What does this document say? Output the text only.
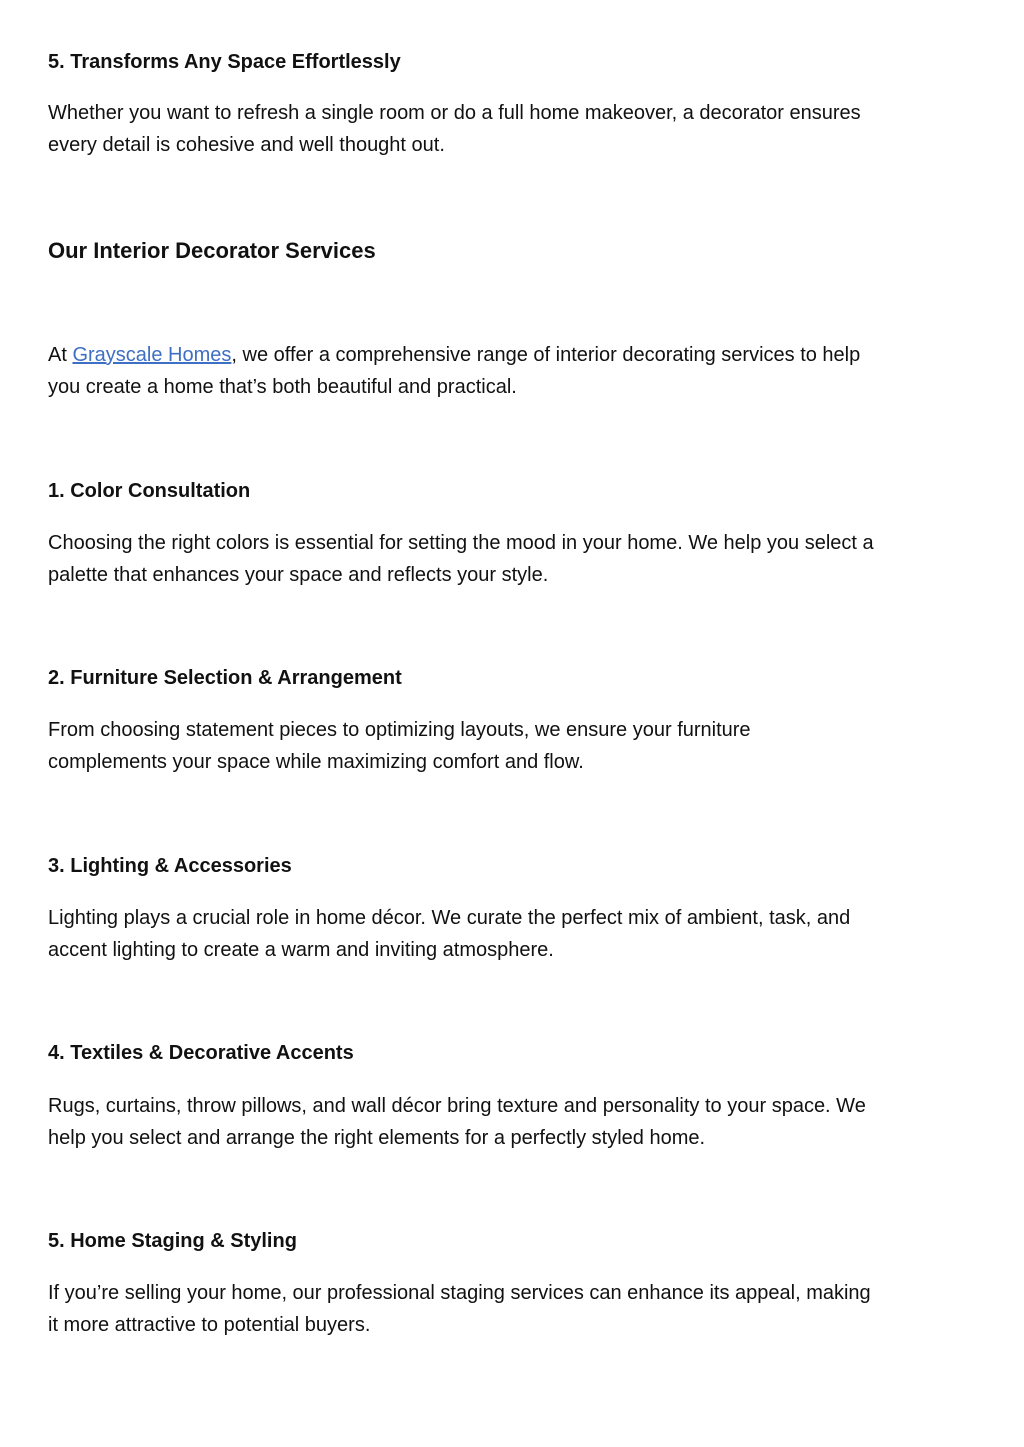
5. Transforms Any Space Effortlessly
Whether you want to refresh a single room or do a full home makeover, a decorator ensures
every detail is cohesive and well thought out.
Our Interior Decorator Services
At Grayscale Homes, we offer a comprehensive range of interior decorating services to help
you create a home that’s both beautiful and practical.
1. Color Consultation
Choosing the right colors is essential for setting the mood in your home. We help you select a
palette that enhances your space and reflects your style.
2. Furniture Selection & Arrangement
From choosing statement pieces to optimizing layouts, we ensure your furniture
complements your space while maximizing comfort and flow.
3. Lighting & Accessories
Lighting plays a crucial role in home décor. We curate the perfect mix of ambient, task, and
accent lighting to create a warm and inviting atmosphere.
4. Textiles & Decorative Accents
Rugs, curtains, throw pillows, and wall décor bring texture and personality to your space. We
help you select and arrange the right elements for a perfectly styled home.
5. Home Staging & Styling
If you’re selling your home, our professional staging services can enhance its appeal, making
it more attractive to potential buyers.
